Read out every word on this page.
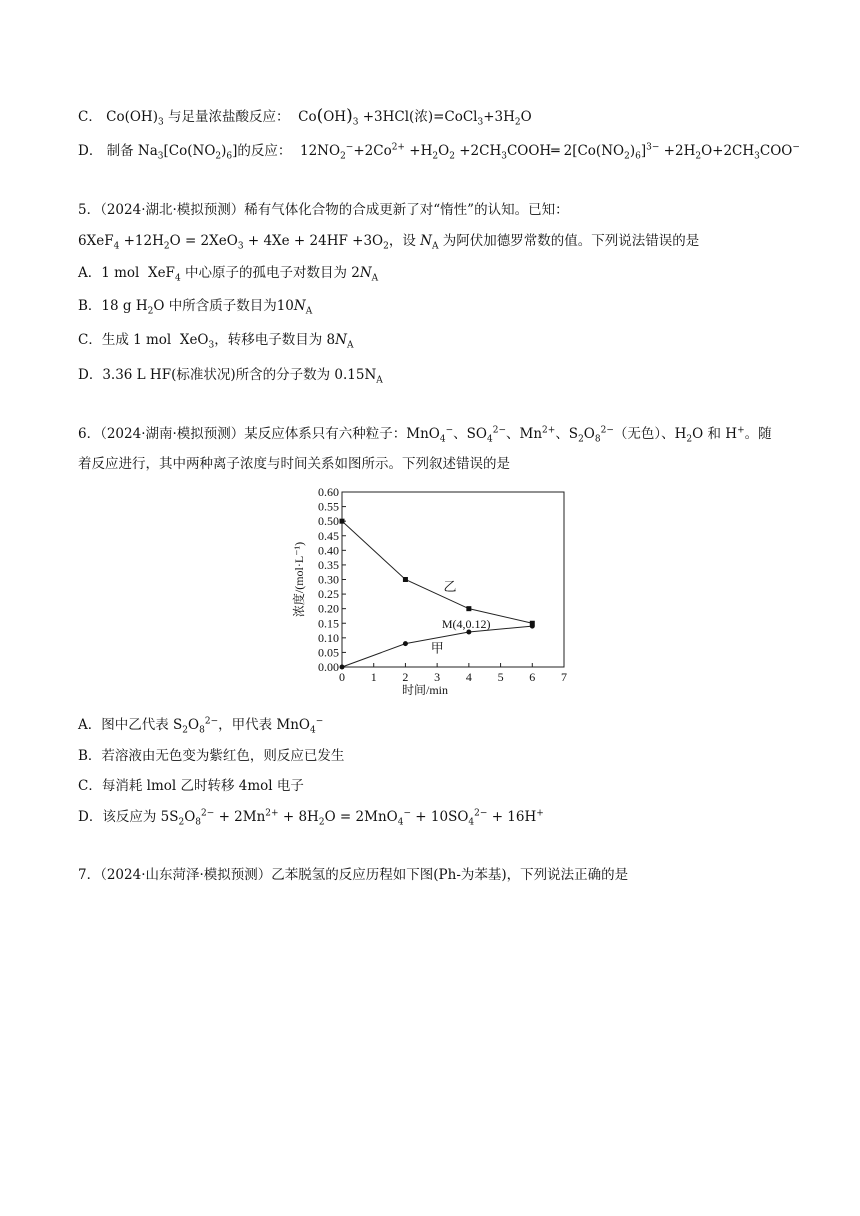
C． $Co(OH)_3$ 与足量浓盐酸反应：  $Co(OH)_3 +3HCl$(浓)$=CoCl_3+3H_2O$
D． 制备 $Na_3[Co(NO_2)_6]$的反应：  $12NO_2^-+2Co^{2+} +H_2O_2$ $+2CH_3COOH═$ $2[Co(NO_2)_6]^{3-} +2H_2O+2CH_3COO^-$
5．（2024·湖北·模拟预测）稀有气体化合物的合成更新了对“惰性”的认知。已知：
$6XeF_4 +12H_2O = 2XeO_3 + 4Xe + 24HF +3O_2$，设 $N_A$ 为阿伏加德罗常数的值。下列说法错误的是
A．1 mol  XeF$_4$ 中心原子的孤电子对数目为 $2N_A$
B．18 g $H_2O$ 中所含质子数目为$10N_A$
C．生成 1 mol  XeO$_3$，转移电子数目为 $8N_A$
D．3.36 L HF(标准状况)所含的分子数为 $0.15N_A$
6．（2024·湖南·模拟预测）某反应体系只有六种粒子：MnO$_4$−、$SO_4^{2-}$、$Mn^{2+}$、$S_2O_8^{2-}$（无色）、$H_2O$ 和 H+。随
着反应进行，其中两种离子浓度与时间关系如图所示。下列叙述错误的是
0.00
0.05
0.10
0.15
0.20
0.25
0.30
0.35
0.40
0.45
0.50
0.55
0.60
0 1 2 3 4 5 6 7
时间/min
浓度/(mol·L⁻¹)	乙
甲
M(4,0.12)
A．图中乙代表 $S_2O_8^{2-}$，甲代表 MnO$_4$−
B．若溶液由无色变为紫红色，则反应已发生
C．每消耗 lmol 乙时转移 4mol 电子
D．该反应为 $5S_2O_8^{2-} + 2Mn^{2+} + 8H_2O = 2MnO_4^- + 10SO_4^{2-} + 16H^+$
7．（2024·山东菏泽·模拟预测）乙苯脱氢的反应历程如下图(Ph-为苯基)，下列说法正确的是
